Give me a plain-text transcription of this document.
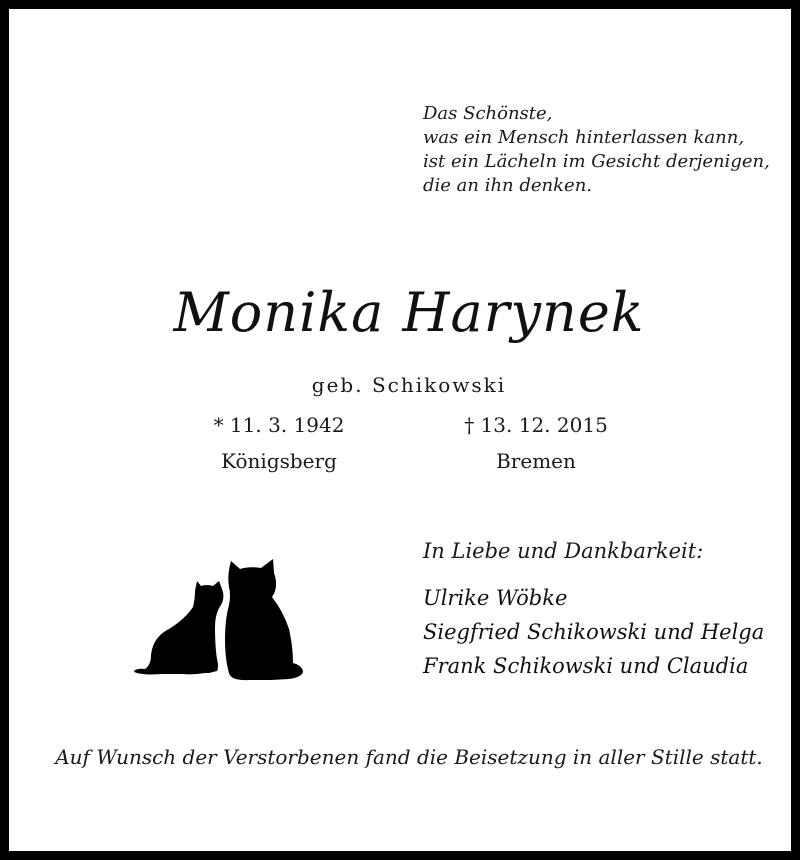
Das Schönste,
was ein Mensch hinterlassen kann,
ist ein Lächeln im Gesicht derjenigen,
die an ihn denken.
Monika Harynek
geb. Schikowski
* 11. 3. 1942
Königsberg
† 13. 12. 2015
Bremen
In Liebe und Dankbarkeit:
Ulrike Wöbke
Siegfried Schikowski und Helga
Frank Schikowski und Claudia
Auf Wunsch der Verstorbenen fand die Beisetzung in aller Stille statt.
